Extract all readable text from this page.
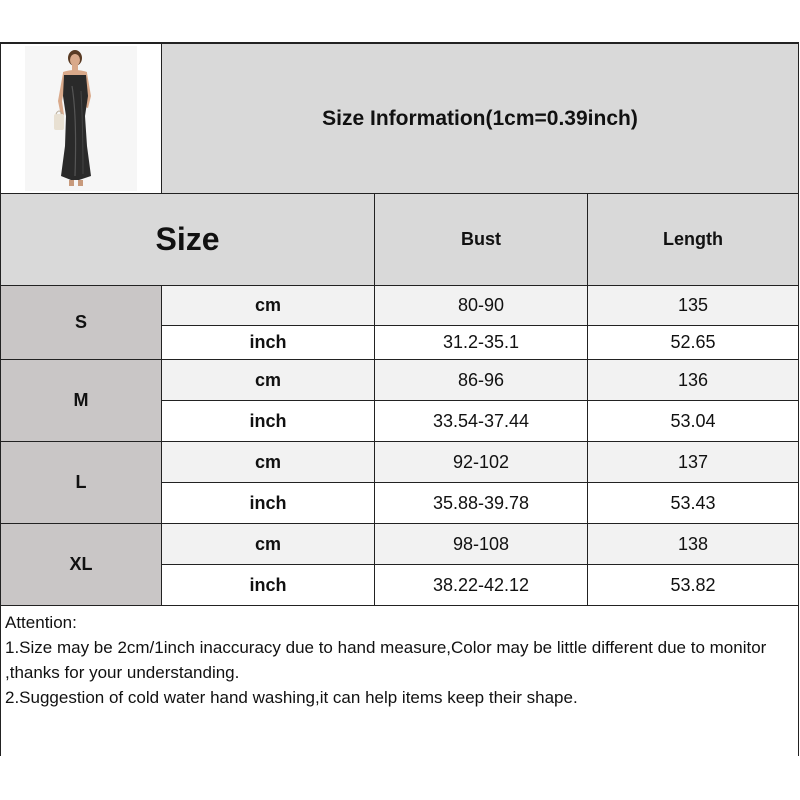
Size Information(1cm=0.39inch)
Size	Bust	Length
S
cm	80-90	135
inch	31.2-35.1	52.65
M
cm	86-96	136
inch	33.54-37.44	53.04
L
cm	92-102	137
inch	35.88-39.78	53.43
XL
cm	98-108	138
inch	38.22-42.12	53.82
Attention:
1.Size may be 2cm/1inch inaccuracy due to hand measure,Color may be little different due to monitor ,thanks for your understanding.
2.Suggestion of cold water hand washing,it can help items keep their shape.
